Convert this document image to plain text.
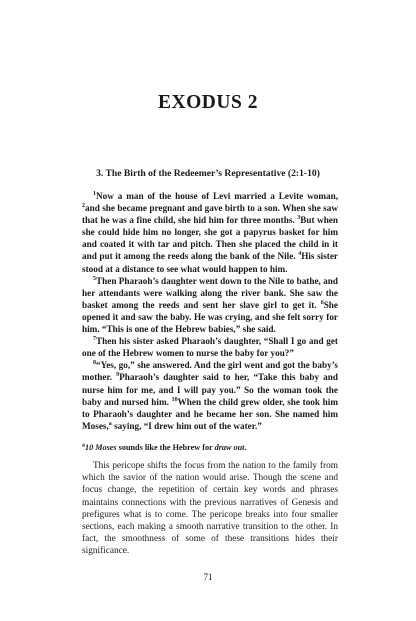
EXODUS 2
3. The Birth of the Redeemer’s Representative (2:1-10)

$^1$Now a man of the house of Levi married a Levite woman, $^2$and she became pregnant and gave birth to a son. When she saw that he was a fine child, she hid him for three months. $^3$But when she could hide him no longer, she got a papyrus basket for him and coated it with tar and pitch. Then she placed the child in it and put it among the reeds along the bank of the Nile. $^4$His sister stood at a distance to see what would happen to him.

$^5$Then Pharaoh’s daughter went down to the Nile to bathe, and her attendants were walking along the river bank. She saw the basket among the reeds and sent her slave girl to get it. $^6$She opened it and saw the baby. He was crying, and she felt sorry for him. “This is one of the Hebrew babies,” she said.

$^7$Then his sister asked Pharaoh’s daughter, “Shall I go and get one of the Hebrew women to nurse the baby for you?”

$^8$“Yes, go,” she answered. And the girl went and got the baby’s mother. $^9$Pharaoh’s daughter said to her, “Take this baby and nurse him for me, and I will pay you.” So the woman took the baby and nursed him. $^{10}$When the child grew older, she took him to Pharaoh’s daughter and he became her son. She named him Moses,$^a$ saying, “I drew him out of the water.”

$^a$10 Moses sounds like the Hebrew for draw out.

This pericope shifts the focus from the nation to the family from which the savior of the nation would arise. Though the scene and focus change, the repetition of certain key words and phrases maintains connections with the previous narratives of Genesis and prefigures what is to come. The pericope breaks into four smaller sections, each making a smooth narrative transition to the other. In fact, the smoothness of some of these transitions hides their significance.

71
